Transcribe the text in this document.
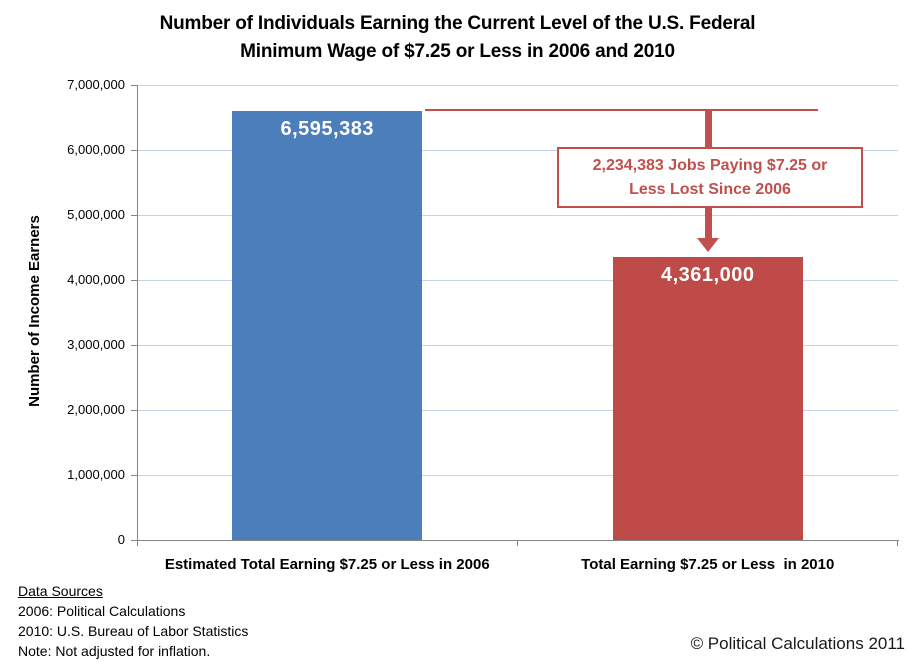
Number of Individuals Earning the Current Level of the U.S. Federal
Minimum Wage of $7.25 or Less in 2006 and 2010
Number of Income Earners
0
1,000,000
2,000,000
3,000,000
4,000,000
5,000,000
6,000,000
7,000,000
6,595,383
Estimated Total Earning $7.25 or Less in 2006
4,361,000
Total Earning $7.25 or Less  in 2010
2,234,383 Jobs Paying $7.25 or
Less Lost Since 2006
Data Sources
2006: Political Calculations
2010: U.S. Bureau of Labor Statistics
Note: Not adjusted for inflation.	© Political Calculations 2011
